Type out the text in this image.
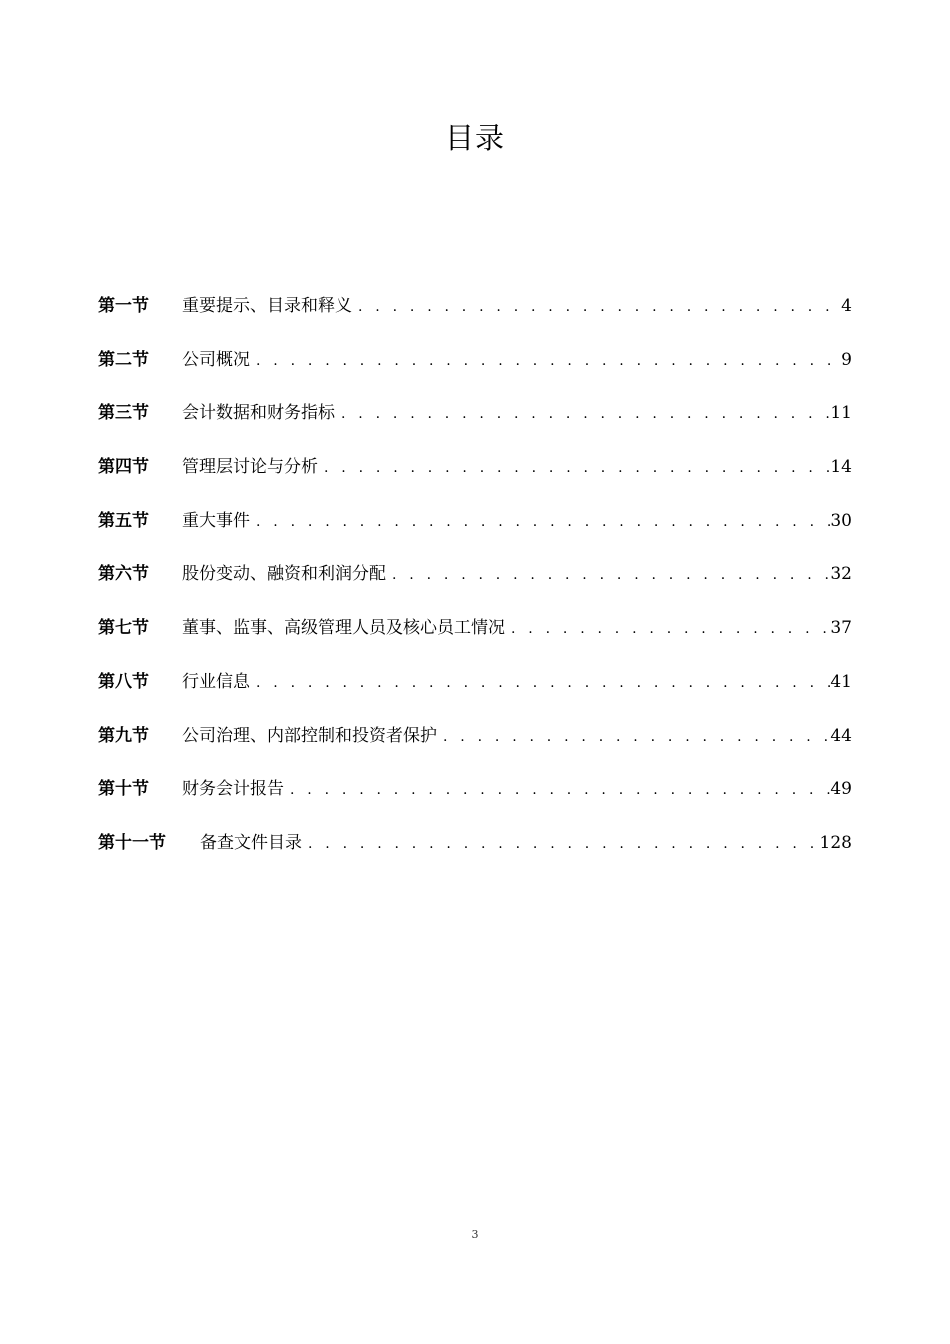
目录
第一节	重要提示、目录和释义 . . .	4
第二节	公司概况 . . .	9
第三节	会计数据和财务指标 . . .	11
第四节	管理层讨论与分析 . . .	14
第五节	重大事件 . . .	30
第六节	股份变动、融资和利润分配 . . .	32
第七节	董事、监事、高级管理人员及核心员工情况 . . .	37
第八节	行业信息 . . .	41
第九节	公司治理、内部控制和投资者保护 . . .	44
第十节	财务会计报告 . . .	49
第十一节	备查文件目录 . . .	128
3
